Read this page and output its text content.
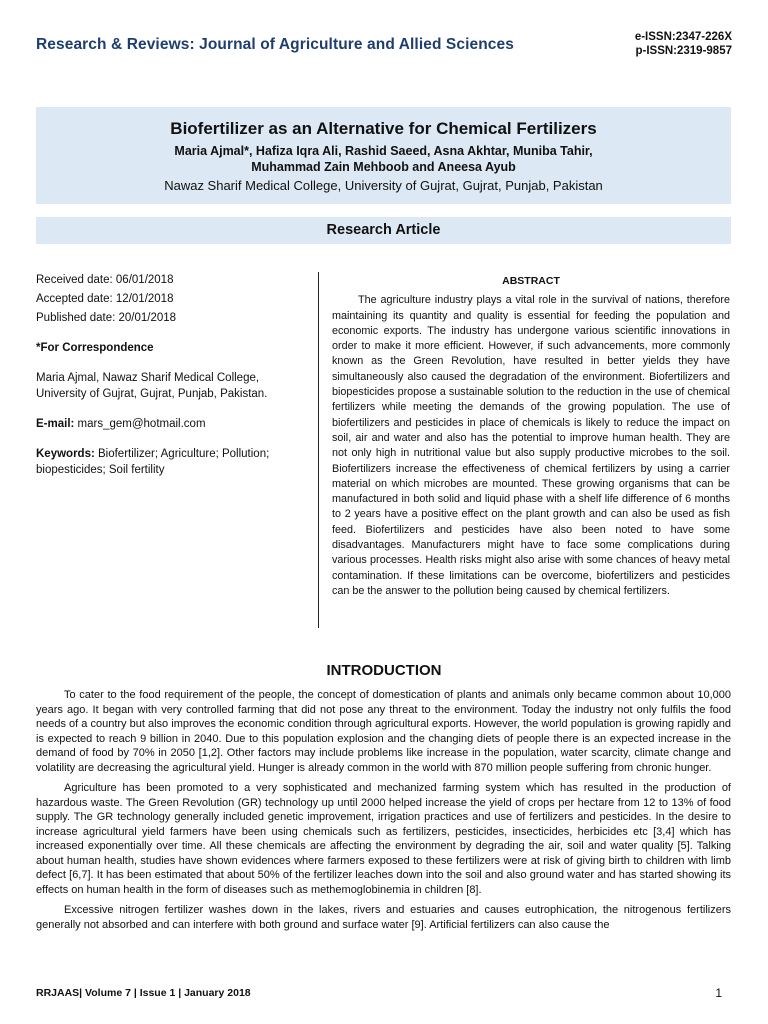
Research & Reviews: Journal of Agriculture and Allied Sciences	e-ISSN:2347-226X
p-ISSN:2319-9857
Biofertilizer as an Alternative for Chemical Fertilizers
Maria Ajmal*, Hafiza Iqra Ali, Rashid Saeed, Asna Akhtar, Muniba Tahir,
Muhammad Zain Mehboob and Aneesa Ayub
Nawaz Sharif Medical College, University of Gujrat, Gujrat, Punjab, Pakistan
Research Article
Received date: 06/01/2018
Accepted date: 12/01/2018
Published date: 20/01/2018
*For Correspondence
Maria Ajmal, Nawaz Sharif Medical College, University of Gujrat, Gujrat, Punjab, Pakistan.
E-mail: mars_gem@hotmail.com
Keywords: Biofertilizer; Agriculture; Pollution; biopesticides; Soil fertility
ABSTRACT

The agriculture industry plays a vital role in the survival of nations, therefore maintaining its quantity and quality is essential for feeding the population and economic exports. The industry has undergone various scientific innovations in order to make it more efficient. However, if such advancements, more commonly known as the Green Revolution, have resulted in better yields they have simultaneously also caused the degradation of the environment. Biofertilizers and biopesticides propose a sustainable solution to the reduction in the use of chemical fertilizers while meeting the demands of the growing population. The use of biofertilizers and pesticides in place of chemicals is likely to reduce the impact on soil, air and water and also has the potential to improve human health. They are not only high in nutritional value but also supply productive microbes to the soil. Biofertilizers increase the effectiveness of chemical fertilizers by using a carrier material on which microbes are mounted. These growing organisms that can be manufactured in both solid and liquid phase with a shelf life difference of 6 months to 2 years have a positive effect on the plant growth and can also be used as fish feed. Biofertilizers and pesticides have also been noted to have some disadvantages. Manufacturers might have to face some complications during various processes. Health risks might also arise with some chances of heavy metal contamination. If these limitations can be overcome, biofertilizers and pesticides can be the answer to the pollution being caused by chemical fertilizers.

INTRODUCTION

To cater to the food requirement of the people, the concept of domestication of plants and animals only became common about 10,000 years ago. It began with very controlled farming that did not pose any threat to the environment. Today the industry not only fulfils the food needs of a country but also improves the economic condition through agricultural exports. However, the world population is growing rapidly and is expected to reach 9 billion in 2040. Due to this population explosion and the changing diets of people there is an expected increase in the demand of food by 70% in 2050 [1,2]. Other factors may include problems like increase in the population, water scarcity, climate change and volatility are decreasing the agricultural yield. Hunger is already common in the world with 870 million people suffering from chronic hunger.

Agriculture has been promoted to a very sophisticated and mechanized farming system which has resulted in the production of hazardous waste. The Green Revolution (GR) technology up until 2000 helped increase the yield of crops per hectare from 12 to 13% of food supply. The GR technology generally included genetic improvement, irrigation practices and use of fertilizers and pesticides. In the desire to increase agricultural yield farmers have been using chemicals such as fertilizers, pesticides, insecticides, herbicides etc [3,4] which has increased exponentially over time. All these chemicals are affecting the environment by degrading the air, soil and water quality [5]. Talking about human health, studies have shown evidences where farmers exposed to these fertilizers were at risk of giving birth to children with limb defect [6,7]. It has been estimated that about 50% of the fertilizer leaches down into the soil and also ground water and has started showing its effects on human health in the form of diseases such as methemoglobinemia in children [8].

Excessive nitrogen fertilizer washes down in the lakes, rivers and estuaries and causes eutrophication, the nitrogenous fertilizers generally not absorbed and can interfere with both ground and surface water [9]. Artificial fertilizers can also cause the

RRJAAS| Volume 7 | Issue 1 | January 2018	1
